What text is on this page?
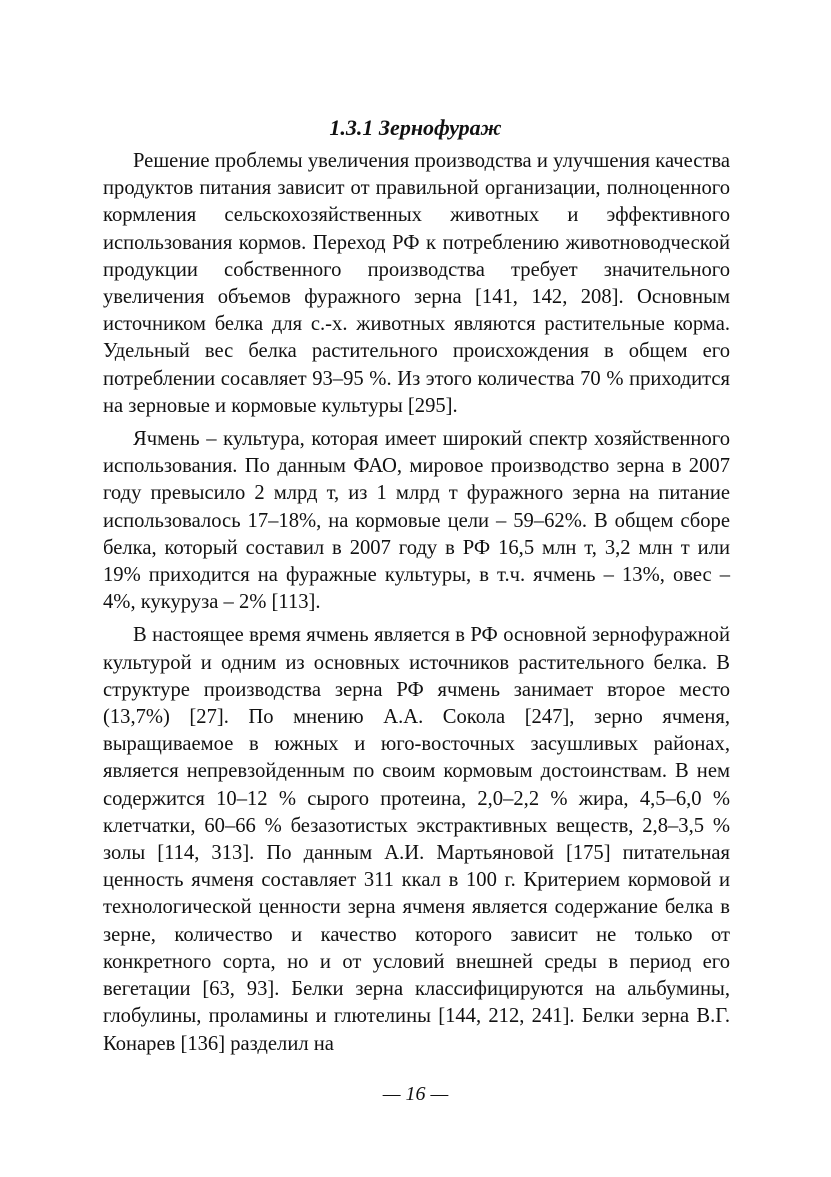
1.3.1 Зернофураж

Решение проблемы увеличения производства и улучшения качества продуктов питания зависит от правильной организации, полноценного кормления сельскохозяйственных животных и эффективного использования кормов. Переход РФ к потреблению животноводческой продукции собственного производства требует значительного увеличения объемов фуражного зерна [141, 142, 208]. Основным источником белка для с.-х. животных являются растительные корма. Удельный вес белка растительного происхождения в общем его потреблении сосавляет 93–95 %. Из этого количества 70 % приходится на зерновые и кормовые культуры [295].

Ячмень – культура, которая имеет широкий спектр хозяйственного использования. По данным ФАО, мировое производство зерна в 2007 году превысило 2 млрд т, из 1 млрд т фуражного зерна на питание использовалось 17–18%, на кормовые цели – 59–62%. В общем сборе белка, который составил в 2007 году в РФ 16,5 млн т, 3,2 млн т или 19% приходится на фуражные культуры, в т.ч. ячмень – 13%, овес – 4%, кукуруза – 2% [113].

В настоящее время ячмень является в РФ основной зернофуражной культурой и одним из основных источников растительного белка. В структуре производства зерна РФ ячмень занимает второе место (13,7%) [27]. По мнению А.А. Сокола [247], зерно ячменя, выращиваемое в южных и юго-восточных засушливых районах, является непревзойденным по своим кормовым достоинствам. В нем содержится 10–12 % сырого протеина, 2,0–2,2 % жира, 4,5–6,0 % клетчатки, 60–66 % безазотистых экстрактивных веществ, 2,8–3,5 % золы [114, 313]. По данным А.И. Мартьяновой [175] питательная ценность ячменя составляет 311 ккал в 100 г. Критерием кормовой и технологической ценности зерна ячменя является содержание белка в зерне, количество и качество которого зависит не только от конкретного сорта, но и от условий внешней среды в период его вегетации [63, 93]. Белки зерна классифицируются на альбумины, глобулины, проламины и глютелины [144, 212, 241]. Белки зерна В.Г. Конарев [136] разделил на

— 16 —
